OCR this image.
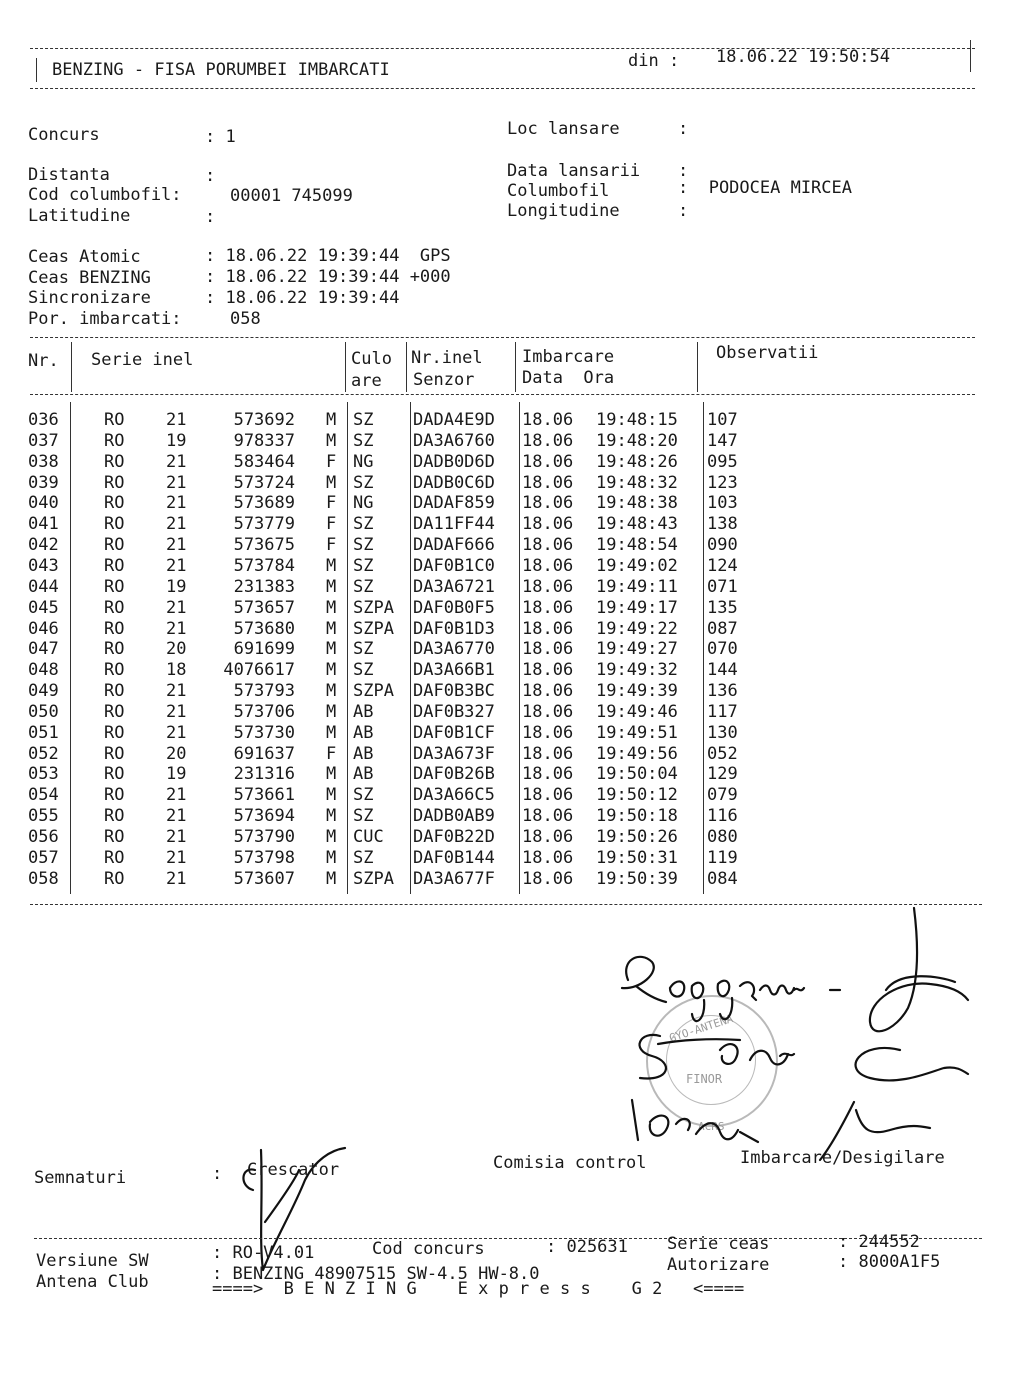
BENZING - FISA PORUMBEI IMBARCATI	din : 18.06.22 19:50:54
Concurs	: 1	Loc lansare	:
Distanta	:	Data lansarii :
Cod columbofil:	00001 745099	Columbofil	:  PODOCEA MIRCEA
Latitudine	:	Longitudine	:
Ceas Atomic	: 18.06.22 19:39:44  GPS
Ceas BENZING	: 18.06.22 19:39:44 +000
Sincronizare	: 18.06.22 19:39:44
Por. imbarcati:	058
Nr. Serie inel	Culo
are
Nr.inel
Senzor
Imbarcare
Data  Ora
Observatii
036	RO 21	573692 M SZ DADA4E9D 18.06 19:48:15 107
037	RO 19	978337 M SZ DA3A6760 18.06 19:48:20 147
038	RO 21	583464 F NG DADB0D6D 18.06 19:48:26 095
039	RO 21	573724 M SZ DADB0C6D 18.06 19:48:32 123
040	RO 21	573689 F NG DADAF859 18.06 19:48:38 103
041	RO 21	573779 F SZ DA11FF44 18.06 19:48:43 138
042	RO 21	573675 F SZ DADAF666 18.06 19:48:54 090
043	RO 21	573784 M SZ DAF0B1C0 18.06 19:49:02 124
044	RO 19	231383 M SZ DA3A6721 18.06 19:49:11 071
045	RO 21	573657 M SZPA DAF0B0F5 18.06 19:49:17 135
046	RO 21	573680 M SZPA DAF0B1D3 18.06 19:49:22 087
047	RO 20	691699 M SZ DA3A6770 18.06 19:49:27 070
048	RO 18	4076617 M SZ DA3A66B1 18.06 19:49:32 144
049	RO 21	573793 M SZPA DAF0B3BC 18.06 19:49:39 136
050	RO 21	573706 M AB DAF0B327 18.06 19:49:46 117
051	RO 21	573730 M AB DAF0B1CF 18.06 19:49:51 130
052	RO 20	691637 F AB DA3A673F 18.06 19:49:56 052
053	RO 19	231316 M AB DAF0B26B 18.06 19:50:04 129
054	RO 21	573661 M SZ DA3A66C5 18.06 19:50:12 079
055	RO 21	573694 M SZ DADB0AB9 18.06 19:50:18 116
056	RO 21	573790 M CUC DAF0B22D 18.06 19:50:26 080
057	RO 21	573798 M SZ DAF0B144 18.06 19:50:31 119
058	RO 21	573607 M SZPA DA3A677F 18.06 19:50:39 084
GYO-ANTENA
FINOR
ACRS
Semnaturi	: Crescator	Comisia control	Imbarcare/Desigilare
Versiune SW	: RO-V4.01	Cod concurs	: 025631 Serie ceas	: 244552
Antena Club	: BENZING 48907515 SW-4.5 HW-8.0	Autorizare	: 8000A1F5
====>  B E N Z I N G    E x p r e s s    G 2   <====
